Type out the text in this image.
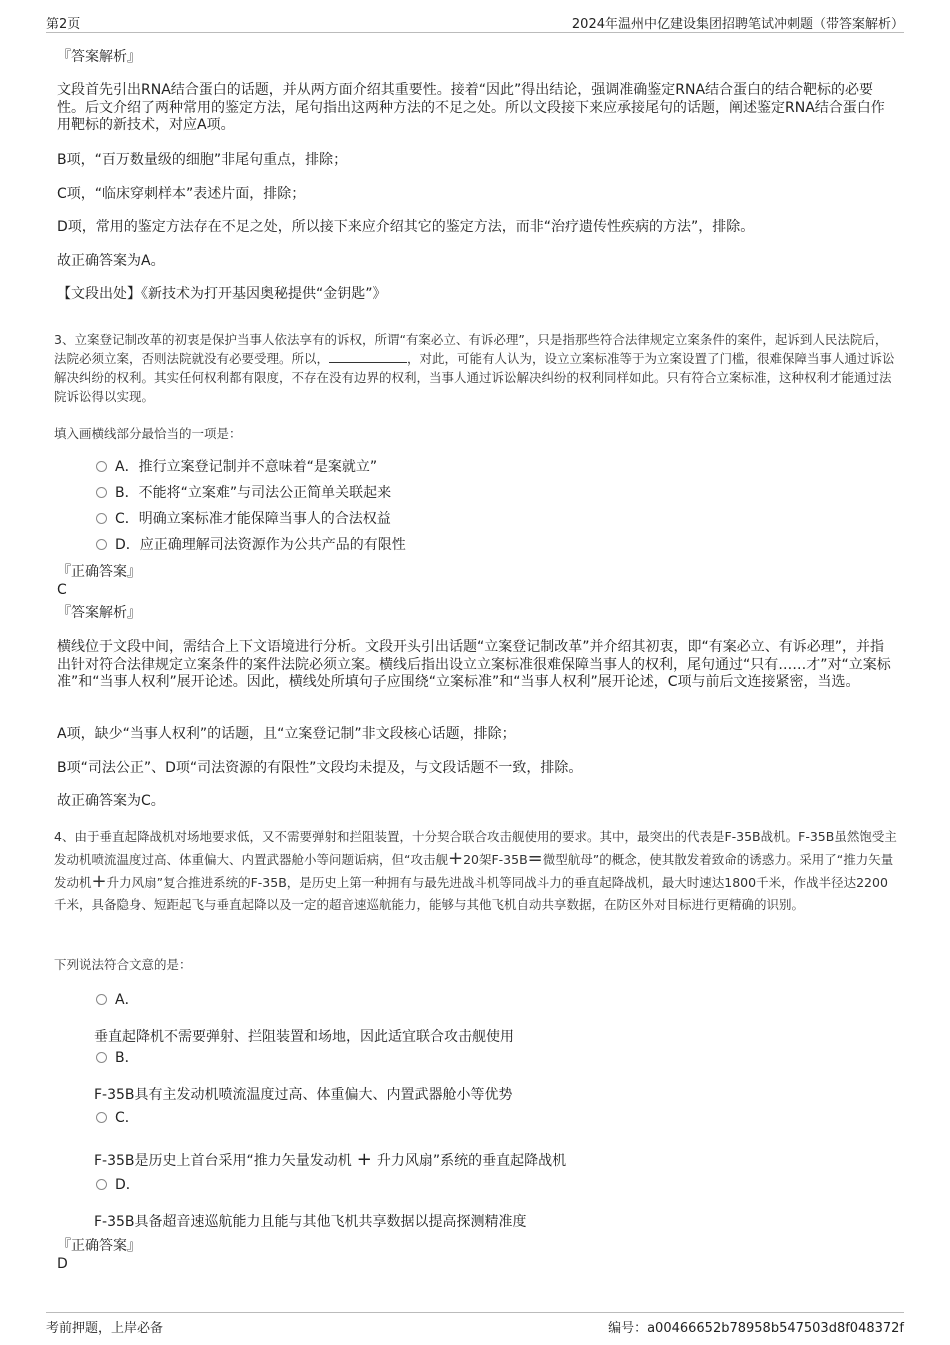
第2页	2024年温州中亿建设集团招聘笔试冲刺题（带答案解析）
『答案解析』
文段首先引出RNA结合蛋白的话题，并从两方面介绍其重要性。接着“因此”得出结论，强调准确鉴定RNA结合蛋白的结合靶标的必要性。后文介绍了两种常用的鉴定方法，尾句指出这两种方法的不足之处。所以文段接下来应承接尾句的话题，阐述鉴定RNA结合蛋白作用靶标的新技术，对应A项。
B项，“百万数量级的细胞”非尾句重点，排除；
C项，“临床穿刺样本”表述片面，排除；
D项，常用的鉴定方法存在不足之处，所以接下来应介绍其它的鉴定方法，而非“治疗遗传性疾病的方法”，排除。
故正确答案为A。
【文段出处】《新技术为打开基因奥秘提供“金钥匙”》
3、立案登记制改革的初衷是保护当事人依法享有的诉权，所谓“有案必立、有诉必理”，只是指那些符合法律规定立案条件的案件，起诉到人民法院后，法院必须立案，否则法院就没有必要受理。所以，	，对此，可能有人认为，设立立案标准等于为立案设置了门槛，很难保障当事人通过诉讼解决纠纷的权利。其实任何权利都有限度，不存在没有边界的权利，当事人通过诉讼解决纠纷的权利同样如此。只有符合立案标准，这种权利才能通过法院诉讼得以实现。
填入画横线部分最恰当的一项是：
A．推行立案登记制并不意味着“是案就立”
B．不能将“立案难”与司法公正简单关联起来
C．明确立案标准才能保障当事人的合法权益
D．应正确理解司法资源作为公共产品的有限性
『正确答案』
C
『答案解析』
横线位于文段中间，需结合上下文语境进行分析。文段开头引出话题“立案登记制改革”并介绍其初衷，即“有案必立、有诉必理”，并指出针对符合法律规定立案条件的案件法院必须立案。横线后指出设立立案标准很难保障当事人的权利，尾句通过“只有……才”对“立案标准”和“当事人权利”展开论述。因此，横线处所填句子应围绕“立案标准”和“当事人权利”展开论述，C项与前后文连接紧密，当选。
A项，缺少“当事人权利”的话题，且“立案登记制”非文段核心话题，排除；
B项“司法公正”、D项“司法资源的有限性”文段均未提及，与文段话题不一致，排除。
故正确答案为C。
4、由于垂直起降战机对场地要求低，又不需要弹射和拦阻装置，十分契合联合攻击舰使用的要求。其中，最突出的代表是F-35B战机。F-35B虽然饱受主发动机喷流温度过高、体重偏大、内置武器舱小等问题诟病，但“攻击舰+20架F-35B=微型航母”的概念，使其散发着致命的诱惑力。采用了“推力矢量发动机+升力风扇”复合推进系统的F-35B，是历史上第一种拥有与最先进战斗机等同战斗力的垂直起降战机，最大时速达1800千米，作战半径达2200千米，具备隐身、短距起飞与垂直起降以及一定的超音速巡航能力，能够与其他飞机自动共享数据，在防区外对目标进行更精确的识别。
下列说法符合文意的是：
A．
垂直起降机不需要弹射、拦阻装置和场地，因此适宜联合攻击舰使用
B．
F-35B具有主发动机喷流温度过高、体重偏大、内置武器舱小等优势
C．
F-35B是历史上首台采用“推力矢量发动机 + 升力风扇”系统的垂直起降战机
D．
F-35B具备超音速巡航能力且能与其他飞机共享数据以提高探测精准度
『正确答案』
D
考前押题，上岸必备	编号：a00466652b78958b547503d8f048372f
